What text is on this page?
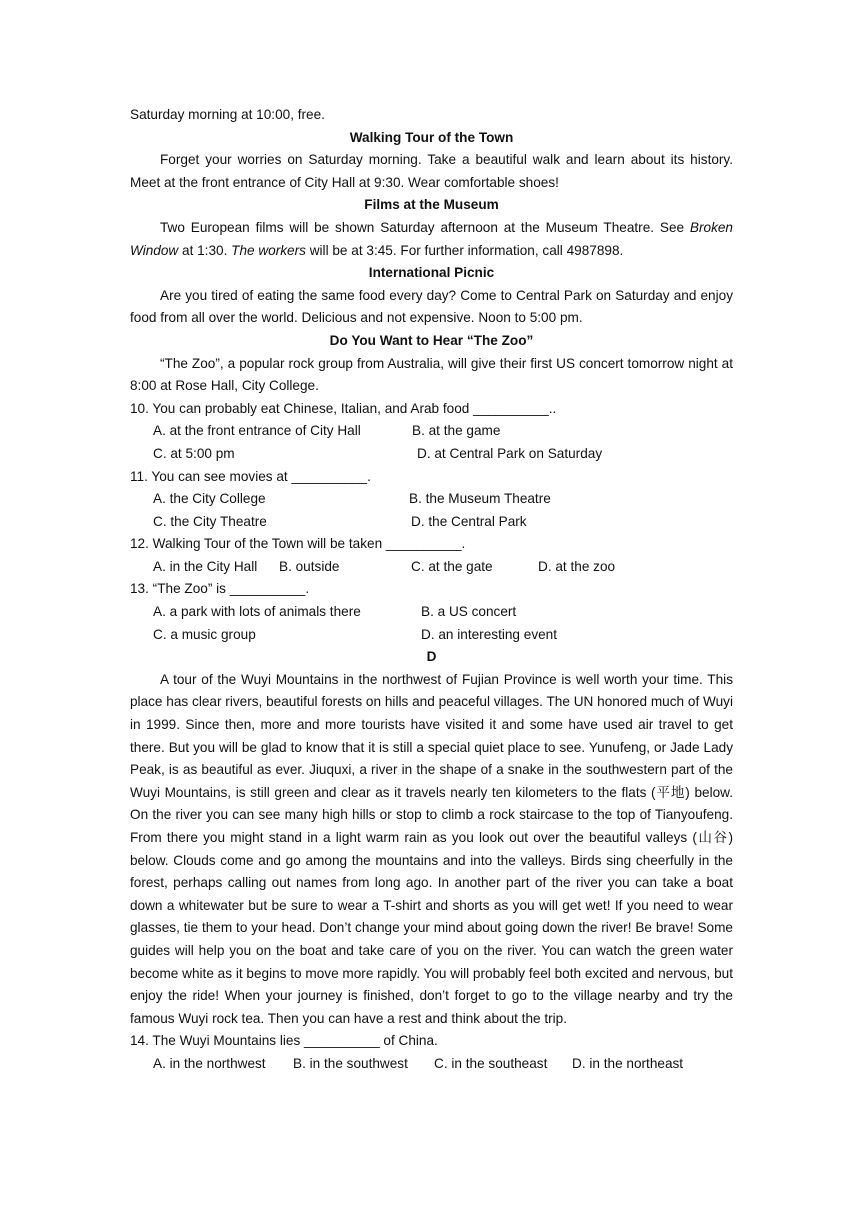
Saturday morning at 10:00, free.
Walking Tour of the Town
Forget your worries on Saturday morning. Take a beautiful walk and learn about its history. Meet at the front entrance of City Hall at 9:30. Wear comfortable shoes!
Films at the Museum
Two European films will be shown Saturday afternoon at the Museum Theatre. See Broken Window at 1:30. The workers will be at 3:45. For further information, call 4987898.
International Picnic
Are you tired of eating the same food every day? Come to Central Park on Saturday and enjoy food from all over the world. Delicious and not expensive. Noon to 5:00 pm.
Do You Want to Hear “The Zoo”
“The Zoo”, a popular rock group from Australia, will give their first US concert tomorrow night at 8:00 at Rose Hall, City College.
10. You can probably eat Chinese, Italian, and Arab food __________..
A. at the front entrance of City Hall	B. at the game
C. at 5:00 pm	D. at Central Park on Saturday
11. You can see movies at __________.
A. the City College	B. the Museum Theatre
C. the City Theatre	D. the Central Park
12. Walking Tour of the Town will be taken __________.
A. in the City Hall B. outside	C. at the gate	D. at the zoo
13. “The Zoo” is __________.
A. a park with lots of animals there	B. a US concert
C. a music group	D. an interesting event
D
A tour of the Wuyi Mountains in the northwest of Fujian Province is well worth your time. This place has clear rivers, beautiful forests on hills and peaceful villages. The UN honored much of Wuyi in 1999. Since then, more and more tourists have visited it and some have used air travel to get there. But you will be glad to know that it is still a special quiet place to see. Yunufeng, or Jade Lady Peak, is as beautiful as ever. Jiuquxi, a river in the shape of a snake in the southwestern part of the Wuyi Mountains, is still green and clear as it travels nearly ten kilometers to the flats (平地) below. On the river you can see many high hills or stop to climb a rock staircase to the top of Tianyoufeng. From there you might stand in a light warm rain as you look out over the beautiful valleys (山谷) below. Clouds come and go among the mountains and into the valleys. Birds sing cheerfully in the forest, perhaps calling out names from long ago. In another part of the river you can take a boat down a whitewater but be sure to wear a T-shirt and shorts as you will get wet! If you need to wear glasses, tie them to your head. Don’t change your mind about going down the river! Be brave! Some guides will help you on the boat and take care of you on the river. You can watch the green water become white as it begins to move more rapidly. You will probably feel both excited and nervous, but enjoy the ride! When your journey is finished, don’t forget to go to the village nearby and try the famous Wuyi rock tea. Then you can have a rest and think about the trip.
14. The Wuyi Mountains lies __________ of China.
A. in the northwest B. in the southwest C. in the southeast D. in the northeast
